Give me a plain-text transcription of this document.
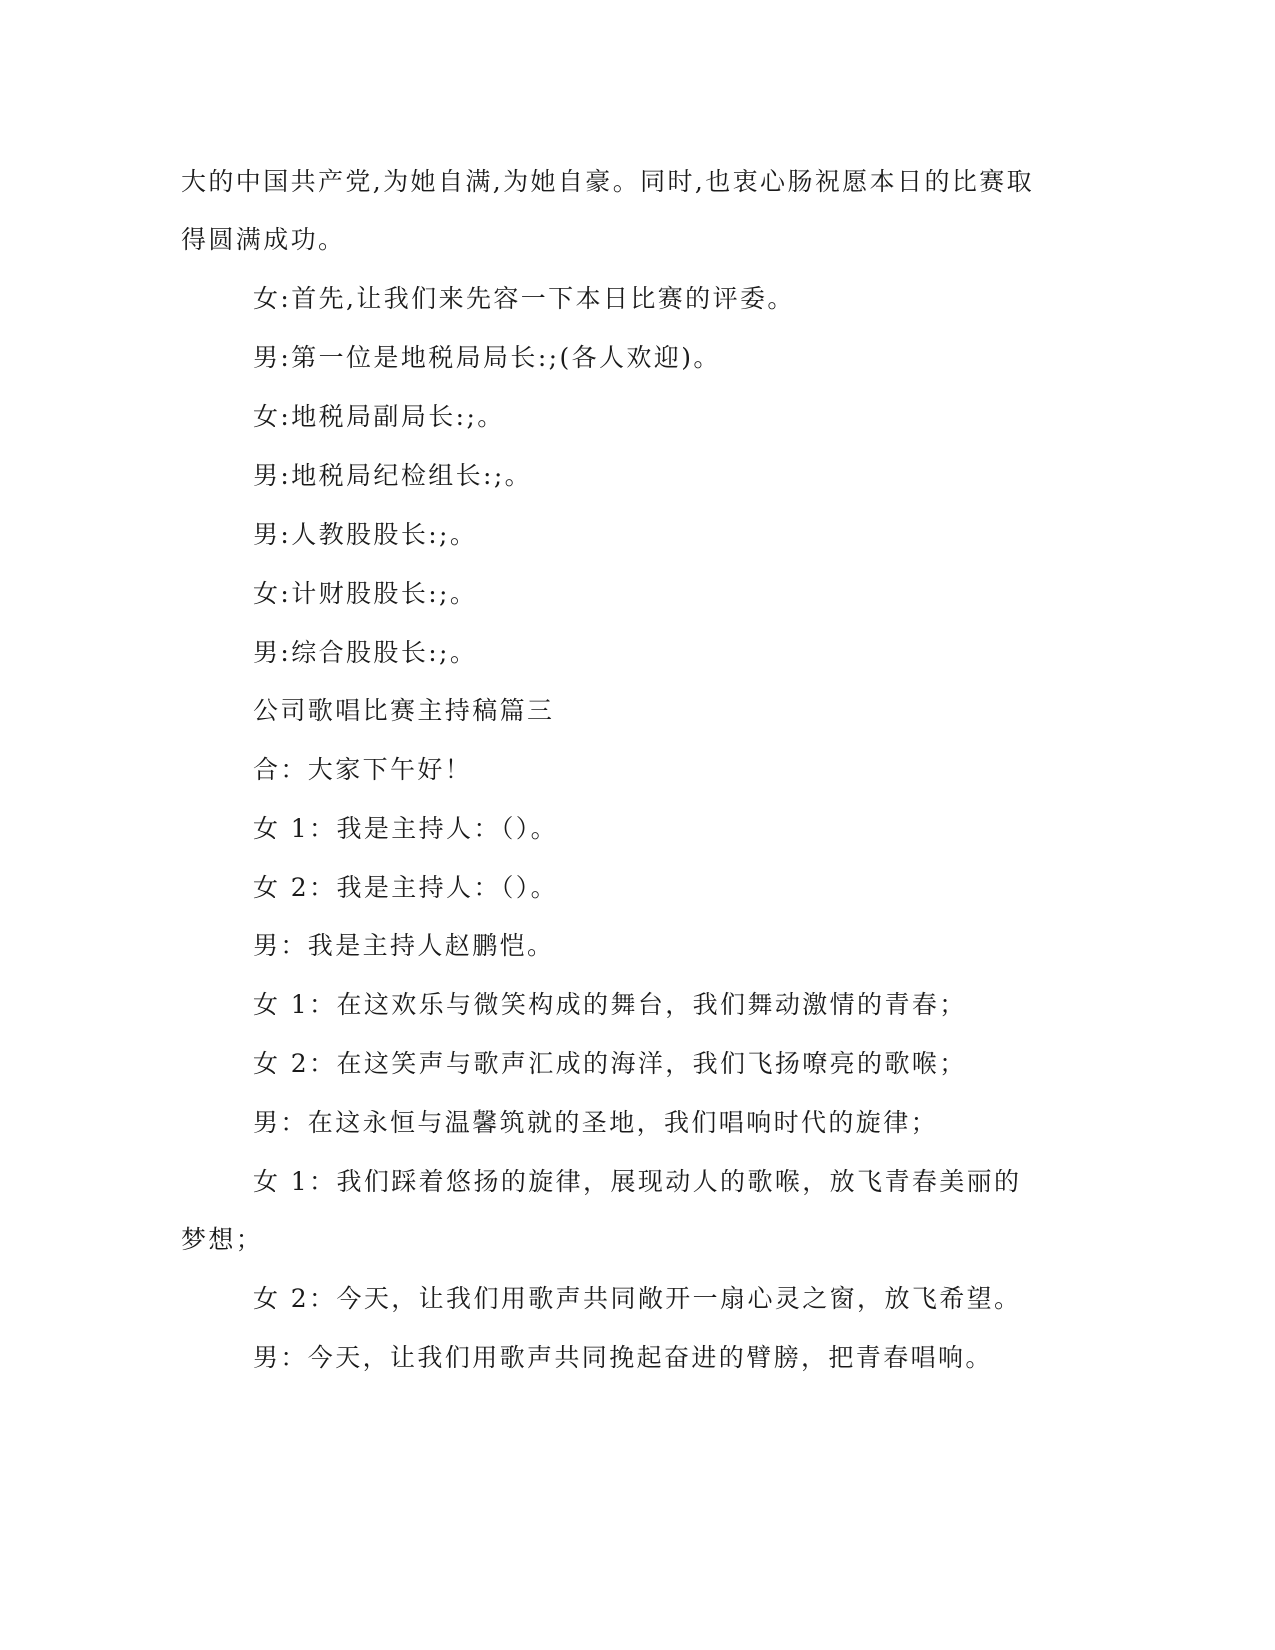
大的中国共产党,为她自满,为她自豪。同时,也衷心肠祝愿本日的比赛取
得圆满成功。
女:首先,让我们来先容一下本日比赛的评委。
男:第一位是地税局局长:;(各人欢迎)。
女:地税局副局长:;。
男:地税局纪检组长:;。
男:人教股股长:;。
女:计财股股长:;。
男:综合股股长:;。
公司歌唱比赛主持稿篇三
合：大家下午好！
女 1：我是主持人：（）。
女 2：我是主持人：（）。
男：我是主持人赵鹏恺。
女 1：在这欢乐与微笑构成的舞台，我们舞动激情的青春；
女 2：在这笑声与歌声汇成的海洋，我们飞扬嘹亮的歌喉；
男：在这永恒与温馨筑就的圣地，我们唱响时代的旋律；
女 1：我们踩着悠扬的旋律，展现动人的歌喉，放飞青春美丽的
梦想；
女 2：今天，让我们用歌声共同敞开一扇心灵之窗，放飞希望。
男：今天，让我们用歌声共同挽起奋进的臂膀，把青春唱响。
